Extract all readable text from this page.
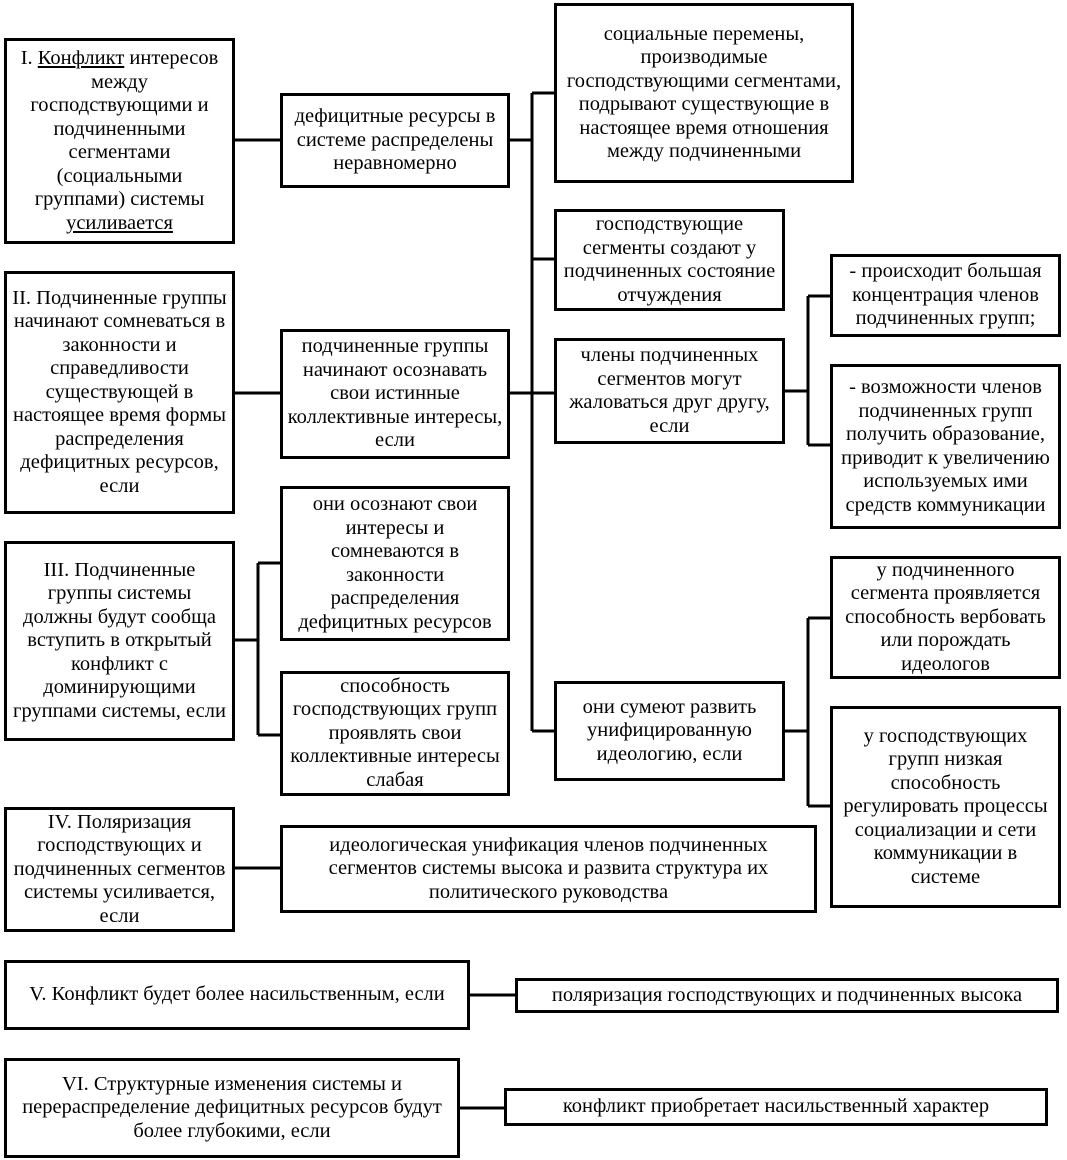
I. Конфликт интересов между господствующими и подчиненными сегментами (социальными группами) системы усиливается
II. Подчиненные группы начинают сомневаться в законности и справедливости существующей в настоящее время формы распределения дефицитных ресурсов, если
III. Подчиненные группы системы должны будут сообща вступить в открытый конфликт с доминирующими группами системы, если
IV. Поляризация господствующих и подчиненных сегментов системы усиливается, если
V. Конфликт будет более насильственным, если
VI. Структурные изменения системы и перераспределение дефицитных ресурсов будут более глубокими, если
дефицитные ресурсы в системе распределены неравномерно
подчиненные группы начинают осознавать свои истинные коллективные интересы, если
они осознают свои интересы и сомневаются в законности распределения дефицитных ресурсов
способность господствующих групп проявлять свои коллективные интересы слабая
идеологическая унификация членов подчиненных сегментов системы высока и развита структура их политического руководства
поляризация господствующих и подчиненных высока
конфликт приобретает насильственный характер
социальные перемены, производимые господствующими сегментами, подрывают существующие в настоящее время отношения между подчиненными
господствующие сегменты создают у подчиненных состояние отчуждения
члены подчиненных сегментов могут жаловаться друг другу, если
они сумеют развить унифицированную идеологию, если
- происходит большая концентрация членов подчиненных групп;
- возможности членов подчиненных групп получить образование, приводит к увеличению используемых ими средств коммуникации
у подчиненного сегмента проявляется способность вербовать или порождать идеологов
у господствующих групп низкая способность регулировать процессы социализации и сети коммуникации в системе
